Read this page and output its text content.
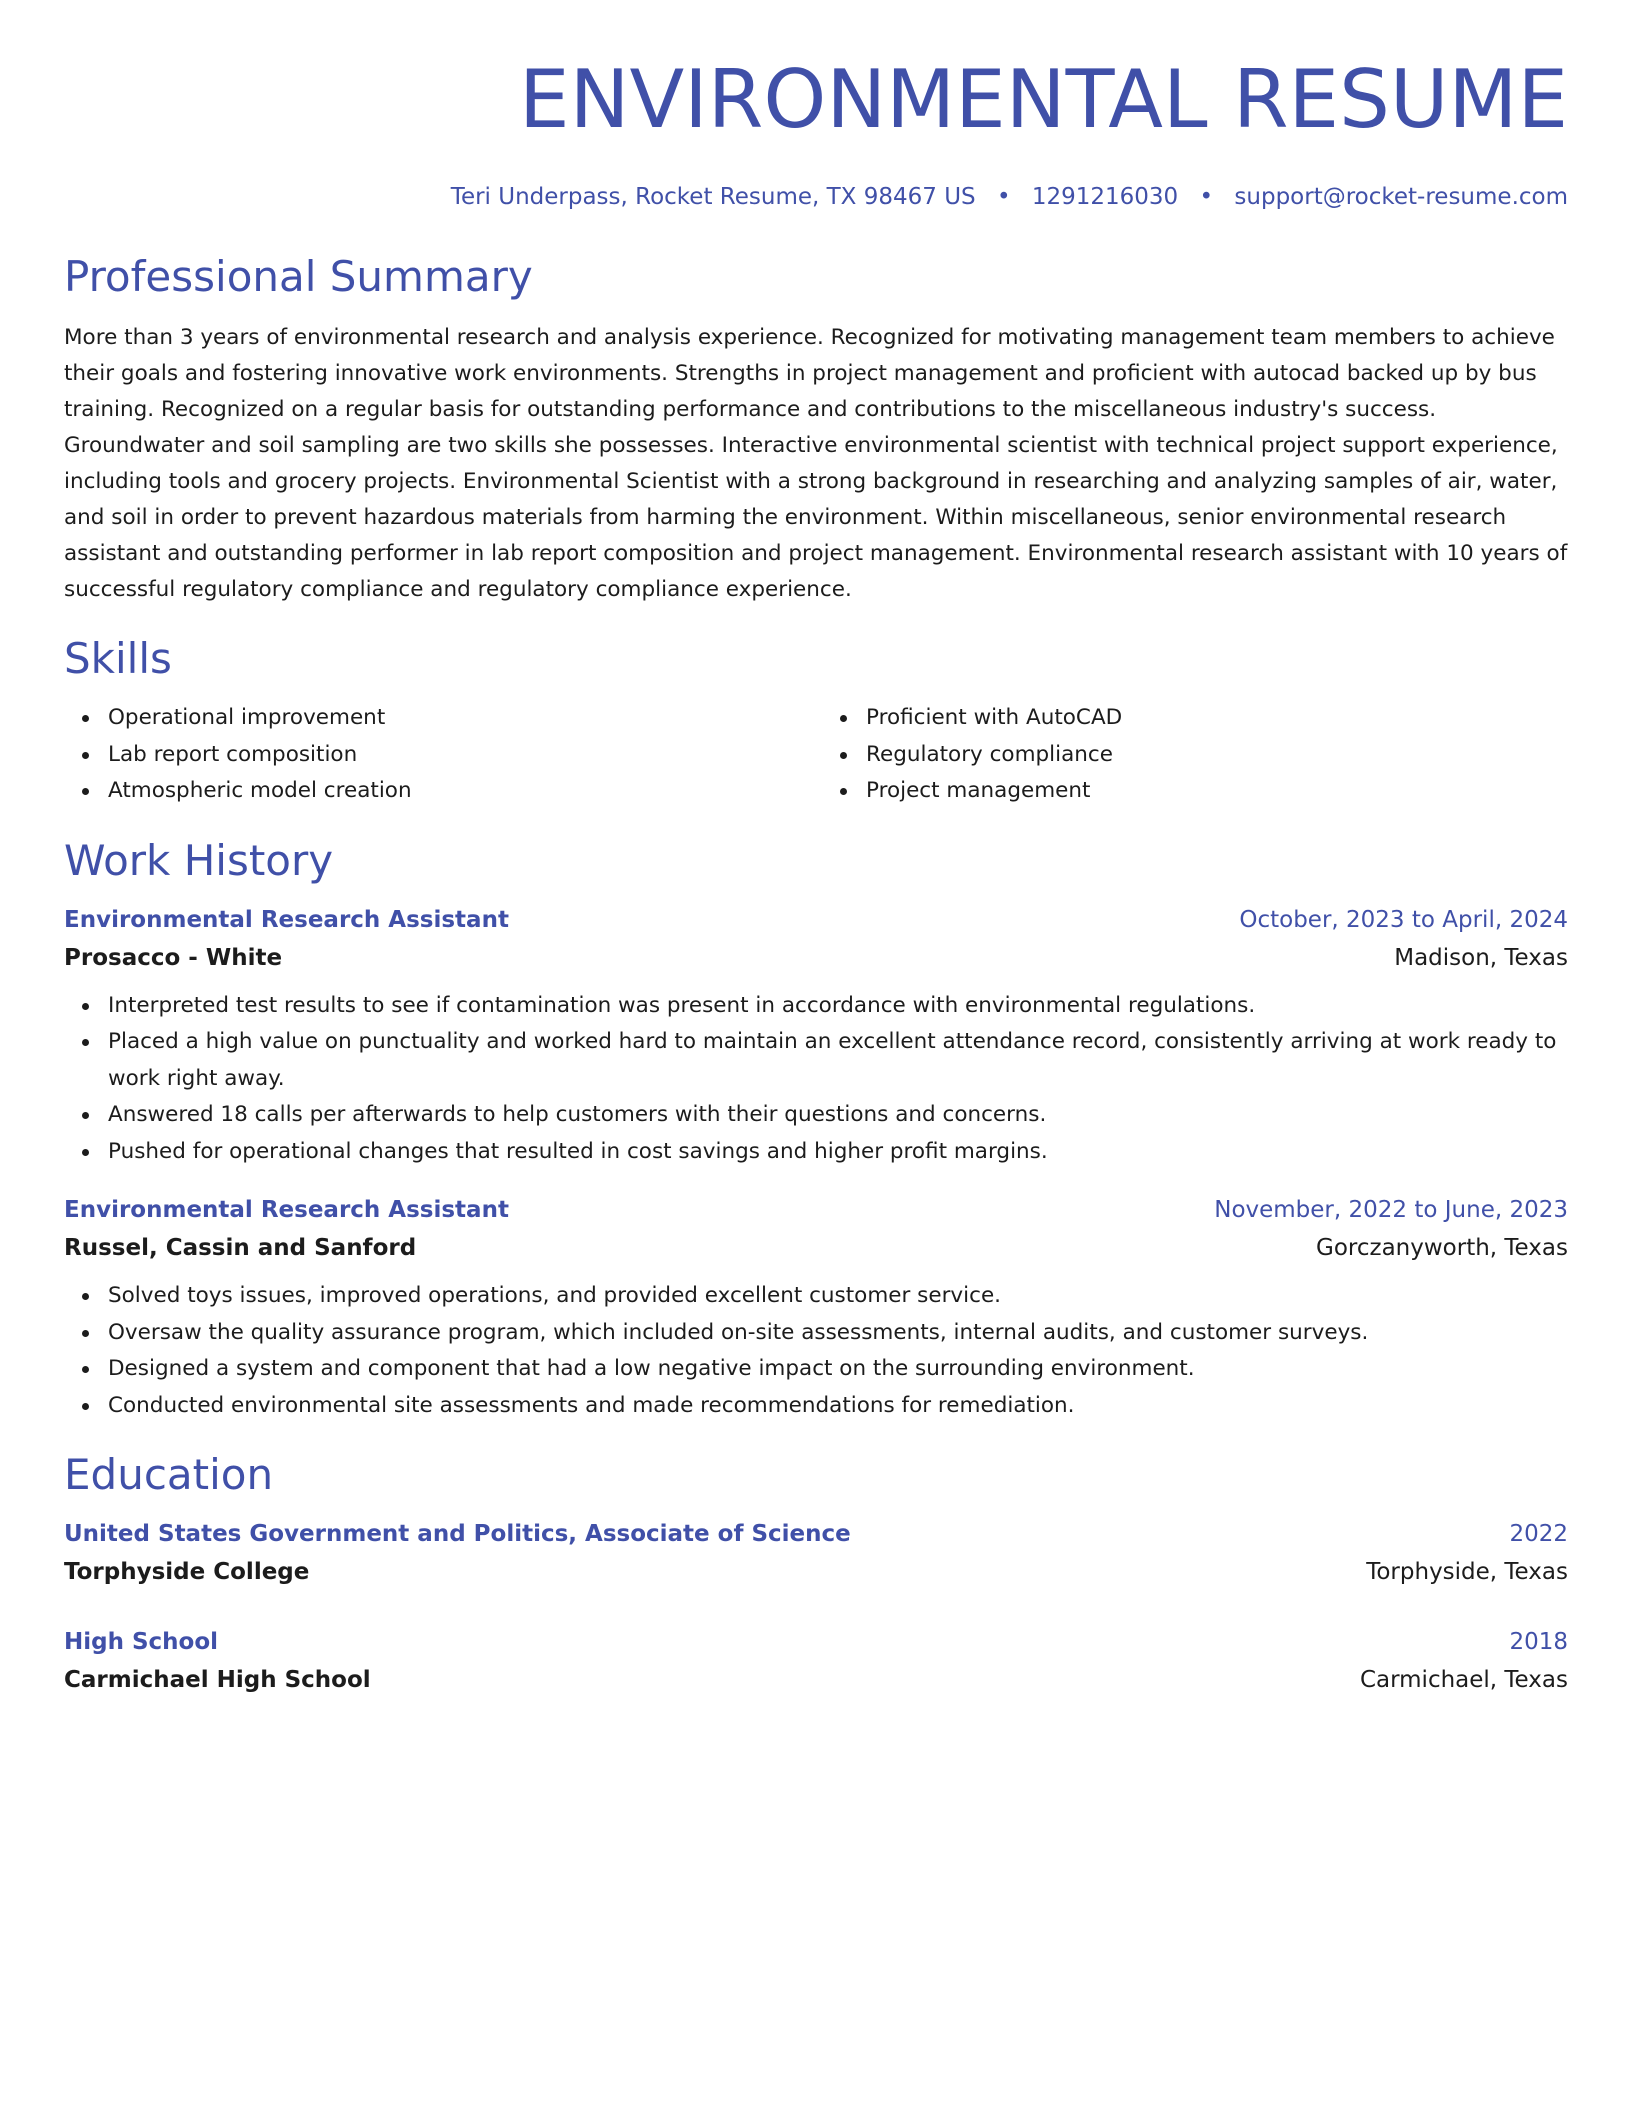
ENVIRONMENTAL RESUME
Teri Underpass, Rocket Resume, TX 98467 US • 1291216030 • support@rocket-resume.com
Professional Summary

More than 3 years of environmental research and analysis experience. Recognized for motivating management team members to achieve their goals and fostering innovative work environments. Strengths in project management and proficient with autocad backed up by bus training. Recognized on a regular basis for outstanding performance and contributions to the miscellaneous industry's success. Groundwater and soil sampling are two skills she possesses. Interactive environmental scientist with technical project support experience, including tools and grocery projects. Environmental Scientist with a strong background in researching and analyzing samples of air, water, and soil in order to prevent hazardous materials from harming the environment. Within miscellaneous, senior environmental research assistant and outstanding performer in lab report composition and project management. Environmental research assistant with 10 years of successful regulatory compliance and regulatory compliance experience.

Skills
Operational improvement
Lab report composition
Atmospheric model creation
Proficient with AutoCAD
Regulatory compliance
Project management
Work History
Environmental Research Assistant	October, 2023 to April, 2024
Prosacco - White	Madison, Texas
Interpreted test results to see if contamination was present in accordance with environmental regulations.
Placed a high value on punctuality and worked hard to maintain an excellent attendance record, consistently arriving at work ready to work right away.
Answered 18 calls per afterwards to help customers with their questions and concerns.
Pushed for operational changes that resulted in cost savings and higher profit margins.
Environmental Research Assistant	November, 2022 to June, 2023
Russel, Cassin and Sanford	Gorczanyworth, Texas
Solved toys issues, improved operations, and provided excellent customer service.
Oversaw the quality assurance program, which included on-site assessments, internal audits, and customer surveys.
Designed a system and component that had a low negative impact on the surrounding environment.
Conducted environmental site assessments and made recommendations for remediation.
Education
United States Government and Politics, Associate of Science	2022
Torphyside College	Torphyside, Texas
High School	2018
Carmichael High School	Carmichael, Texas
